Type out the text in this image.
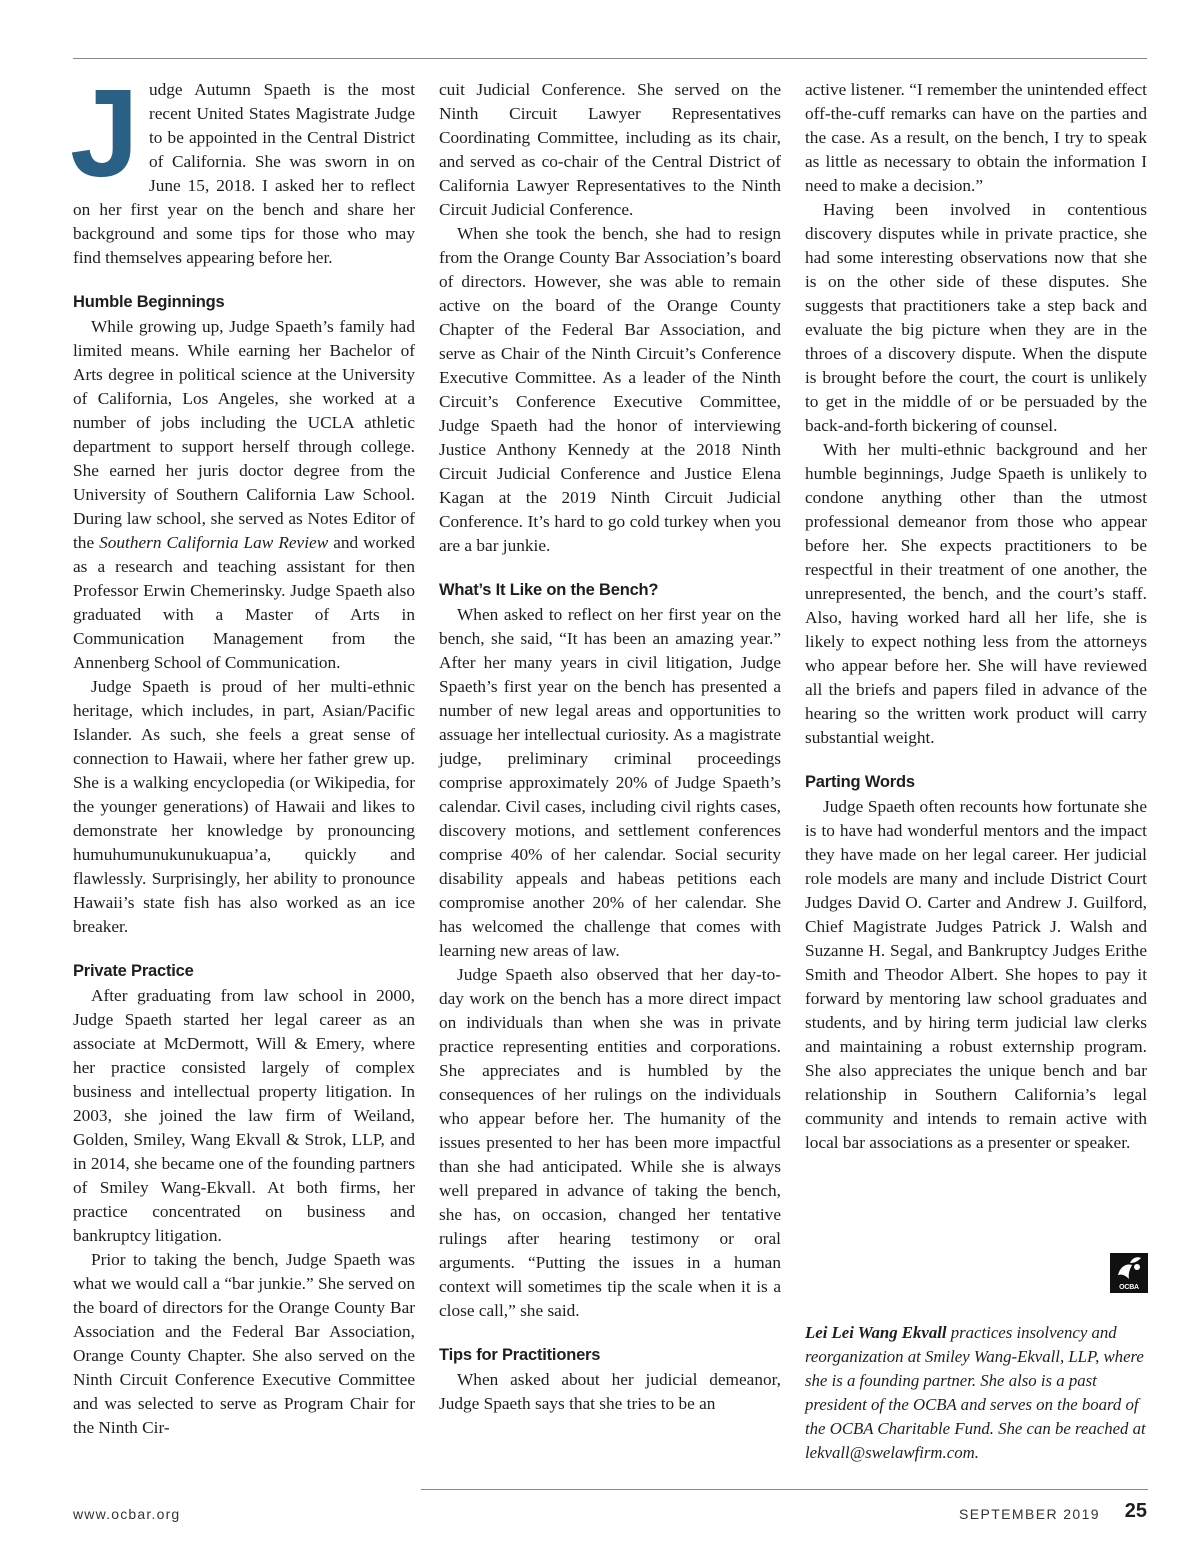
J udge Autumn Spaeth is the most recent United States Magistrate Judge to be appointed in the Central District of California. She was sworn in on June 15, 2018. I asked her to reflect on her first year on the bench and share her background and some tips for those who may find themselves appearing before her.

Humble Beginnings

While growing up, Judge Spaeth’s family had limited means. While earning her Bachelor of Arts degree in political science at the University of California, Los Angeles, she worked at a number of jobs including the UCLA athletic department to support herself through college. She earned her juris doctor degree from the University of Southern California Law School. During law school, she served as Notes Editor of the Southern California Law Review and worked as a research and teaching assistant for then Professor Erwin Chemerinsky. Judge Spaeth also graduated with a Master of Arts in Communication Management from the Annenberg School of Communication.

Judge Spaeth is proud of her multi-ethnic heritage, which includes, in part, Asian/Pacific Islander. As such, she feels a great sense of connection to Hawaii, where her father grew up. She is a walking encyclopedia (or Wikipedia, for the younger generations) of Hawaii and likes to demonstrate her knowledge by pronouncing humuhumunukunukuapua’a, quickly and flawlessly. Surprisingly, her ability to pronounce Hawaii’s state fish has also worked as an ice breaker.

Private Practice

After graduating from law school in 2000, Judge Spaeth started her legal career as an associate at McDermott, Will & Emery, where her practice consisted largely of complex business and intellectual property litigation. In 2003, she joined the law firm of Weiland, Golden, Smiley, Wang Ekvall & Strok, LLP, and in 2014, she became one of the founding partners of Smiley Wang-Ekvall. At both firms, her practice concentrated on business and bankruptcy litigation.

Prior to taking the bench, Judge Spaeth was what we would call a “bar junkie.” She served on the board of directors for the Orange County Bar Association and the Federal Bar Association, Orange County Chapter. She also served on the Ninth Circuit Conference Executive Committee and was selected to serve as Program Chair for the Ninth Cir-

cuit Judicial Conference. She served on the Ninth Circuit Lawyer Representatives Coordinating Committee, including as its chair, and served as co-chair of the Central District of California Lawyer Representatives to the Ninth Circuit Judicial Conference.

When she took the bench, she had to resign from the Orange County Bar Association’s board of directors. However, she was able to remain active on the board of the Orange County Chapter of the Federal Bar Association, and serve as Chair of the Ninth Circuit’s Conference Executive Committee. As a leader of the Ninth Circuit’s Conference Executive Committee, Judge Spaeth had the honor of interviewing Justice Anthony Kennedy at the 2018 Ninth Circuit Judicial Conference and Justice Elena Kagan at the 2019 Ninth Circuit Judicial Conference. It’s hard to go cold turkey when you are a bar junkie.

What’s It Like on the Bench?

When asked to reflect on her first year on the bench, she said, “It has been an amazing year.” After her many years in civil litigation, Judge Spaeth’s first year on the bench has presented a number of new legal areas and opportunities to assuage her intellectual curiosity. As a magistrate judge, preliminary criminal proceedings comprise approximately 20% of Judge Spaeth’s calendar. Civil cases, including civil rights cases, discovery motions, and settlement conferences comprise 40% of her calendar. Social security disability appeals and habeas petitions each compromise another 20% of her calendar. She has welcomed the challenge that comes with learning new areas of law.

Judge Spaeth also observed that her day-to-day work on the bench has a more direct impact on individuals than when she was in private practice representing entities and corporations. She appreciates and is humbled by the consequences of her rulings on the individuals who appear before her. The humanity of the issues presented to her has been more impactful than she had anticipated. While she is always well prepared in advance of taking the bench, she has, on occasion, changed her tentative rulings after hearing testimony or oral arguments. “Putting the issues in a human context will sometimes tip the scale when it is a close call,” she said.

Tips for Practitioners

When asked about her judicial demeanor, Judge Spaeth says that she tries to be an

active listener. “I remember the unintended effect off-the-cuff remarks can have on the parties and the case. As a result, on the bench, I try to speak as little as necessary to obtain the information I need to make a decision.”

Having been involved in contentious discovery disputes while in private practice, she had some interesting observations now that she is on the other side of these disputes. She suggests that practitioners take a step back and evaluate the big picture when they are in the throes of a discovery dispute. When the dispute is brought before the court, the court is unlikely to get in the middle of or be persuaded by the back-and-forth bickering of counsel.

With her multi-ethnic background and her humble beginnings, Judge Spaeth is unlikely to condone anything other than the utmost professional demeanor from those who appear before her. She expects practitioners to be respectful in their treatment of one another, the unrepresented, the bench, and the court’s staff. Also, having worked hard all her life, she is likely to expect nothing less from the attorneys who appear before her. She will have reviewed all the briefs and papers filed in advance of the hearing so the written work product will carry substantial weight.

Parting Words

Judge Spaeth often recounts how fortunate she is to have had wonderful mentors and the impact they have made on her legal career. Her judicial role models are many and include District Court Judges David O. Carter and Andrew J. Guilford, Chief Magistrate Judges Patrick J. Walsh and Suzanne H. Segal, and Bankruptcy Judges Erithe Smith and Theodor Albert. She hopes to pay it forward by mentoring law school graduates and students, and by hiring term judicial law clerks and maintaining a robust externship program. She also appreciates the unique bench and bar relationship in Southern California’s legal community and intends to remain active with local bar associations as a presenter or speaker.

OCBA
Lei Lei Wang Ekvall practices insolvency and reorganization at Smiley Wang-Ekvall, LLP, where she is a founding partner. She also is a past president of the OCBA and serves on the board of the OCBA Charitable Fund. She can be reached at lekvall@swelawfirm.com.
www.ocbar.org	SEPTEMBER 2019 25
